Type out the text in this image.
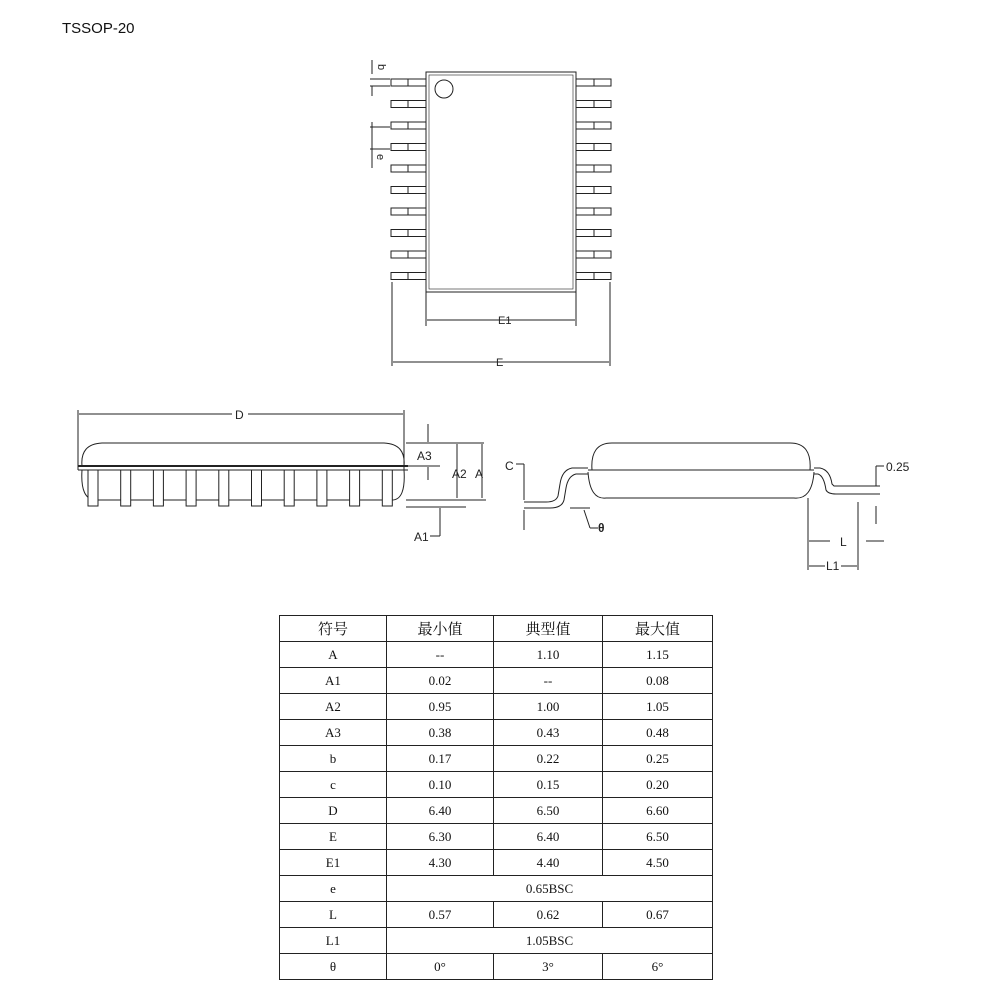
TSSOP-20
b
e
E1
E
D
A3
A2 A
A1
C
θ
0.25
L
L1
符号	最小值	典型值	最大值
A	--	1.10	1.15
A1	0.02	--	0.08
A2	0.95	1.00	1.05
A3	0.38	0.43	0.48
b	0.17	0.22	0.25
c	0.10	0.15	0.20
D	6.40	6.50	6.60
E	6.30	6.40	6.50
E1	4.30	4.40	4.50
e	0.65BSC		
L	0.57	0.62	0.67
L1	1.05BSC		
θ	0°	3°	6°
